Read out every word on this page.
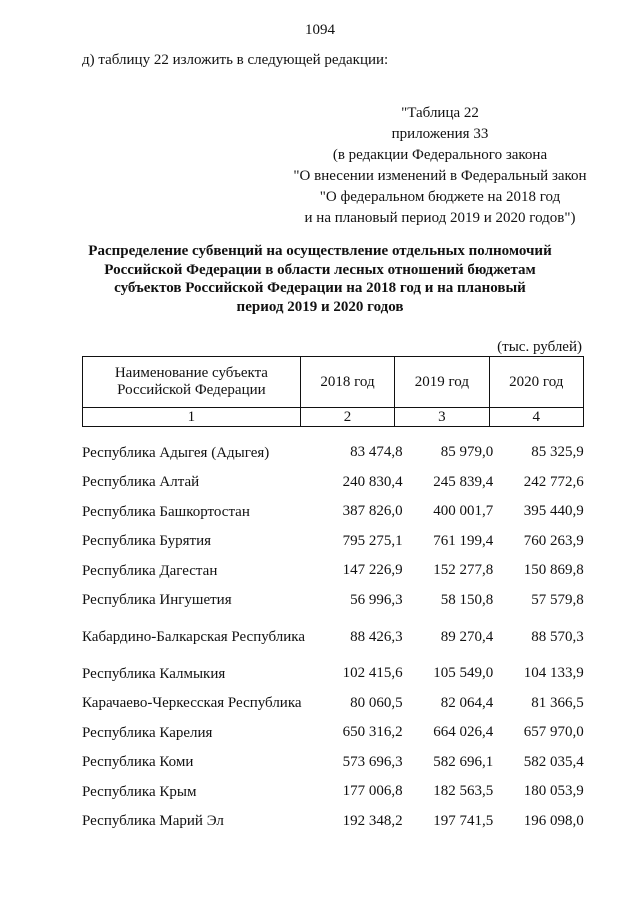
1094
д) таблицу 22 изложить в следующей редакции:
"Таблица 22
приложения 33
(в редакции Федерального закона
"О внесении изменений в Федеральный закон
"О федеральном бюджете на 2018 год
и на плановый период 2019 и 2020 годов")
Распределение субвенций на осуществление отдельных полномочий
Российской Федерации в области лесных отношений бюджетам
субъектов Российской Федерации на 2018 год и на плановый
период 2019 и 2020 годов
(тыс. рублей)
Наименование субъекта
Российской Федерации	2018 год	2019 год	2020 год
1	2	3	4
Республика Адыгея (Адыгея)	83 474,8	85 979,0	85 325,9
Республика Алтай	240 830,4	245 839,4	242 772,6
Республика Башкортостан	387 826,0	400 001,7	395 440,9
Республика Бурятия	795 275,1	761 199,4	760 263,9
Республика Дагестан	147 226,9	152 277,8	150 869,8
Республика Ингушетия	56 996,3	58 150,8	57 579,8
Кабардино-Балкарская Республика	88 426,3	89 270,4	88 570,3
Республика Калмыкия	102 415,6	105 549,0	104 133,9
Карачаево-Черкесская Республика	80 060,5	82 064,4	81 366,5
Республика Карелия	650 316,2	664 026,4	657 970,0
Республика Коми	573 696,3	582 696,1	582 035,4
Республика Крым	177 006,8	182 563,5	180 053,9
Республика Марий Эл	192 348,2	197 741,5	196 098,0
